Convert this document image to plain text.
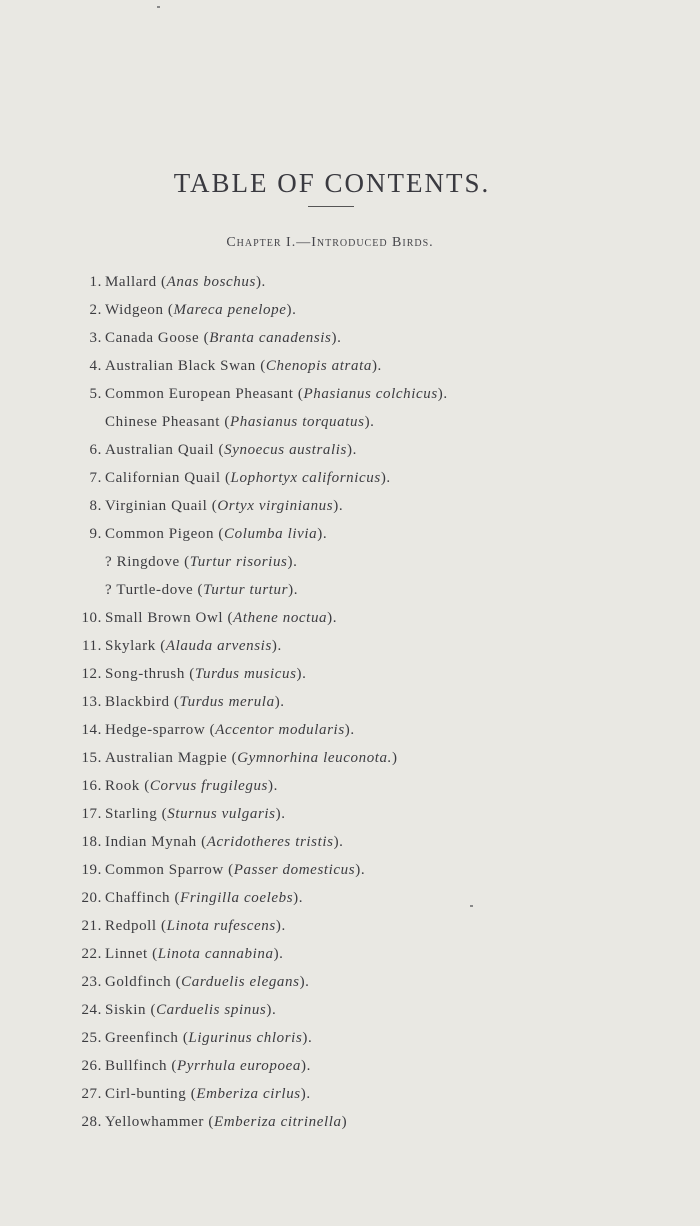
TABLE OF CONTENTS.
Chapter I.—Introduced Birds.
1. Mallard (Anas boschus).
2. Widgeon (Mareca penelope).
3. Canada Goose (Branta canadensis).
4. Australian Black Swan (Chenopis atrata).
5. Common European Pheasant (Phasianus colchicus).
Chinese Pheasant (Phasianus torquatus).
6. Australian Quail (Synoecus australis).
7. Californian Quail (Lophortyx californicus).
8. Virginian Quail (Ortyx virginianus).
9. Common Pigeon (Columba livia).
? Ringdove (Turtur risorius).
? Turtle-dove (Turtur turtur).
10. Small Brown Owl (Athene noctua).
11. Skylark (Alauda arvensis).
12. Song-thrush (Turdus musicus).
13. Blackbird (Turdus merula).
14. Hedge-sparrow (Accentor modularis).
15. Australian Magpie (Gymnorhina leuconota.)
16. Rook (Corvus frugilegus).
17. Starling (Sturnus vulgaris).
18. Indian Mynah (Acridotheres tristis).
19. Common Sparrow (Passer domesticus).
20. Chaffinch (Fringilla coelebs).
21. Redpoll (Linota rufescens).
22. Linnet (Linota cannabina).
23. Goldfinch (Carduelis elegans).
24. Siskin (Carduelis spinus).
25. Greenfinch (Ligurinus chloris).
26. Bullfinch (Pyrrhula europoea).
27. Cirl-bunting (Emberiza cirlus).
28. Yellowhammer (Emberiza citrinella)
